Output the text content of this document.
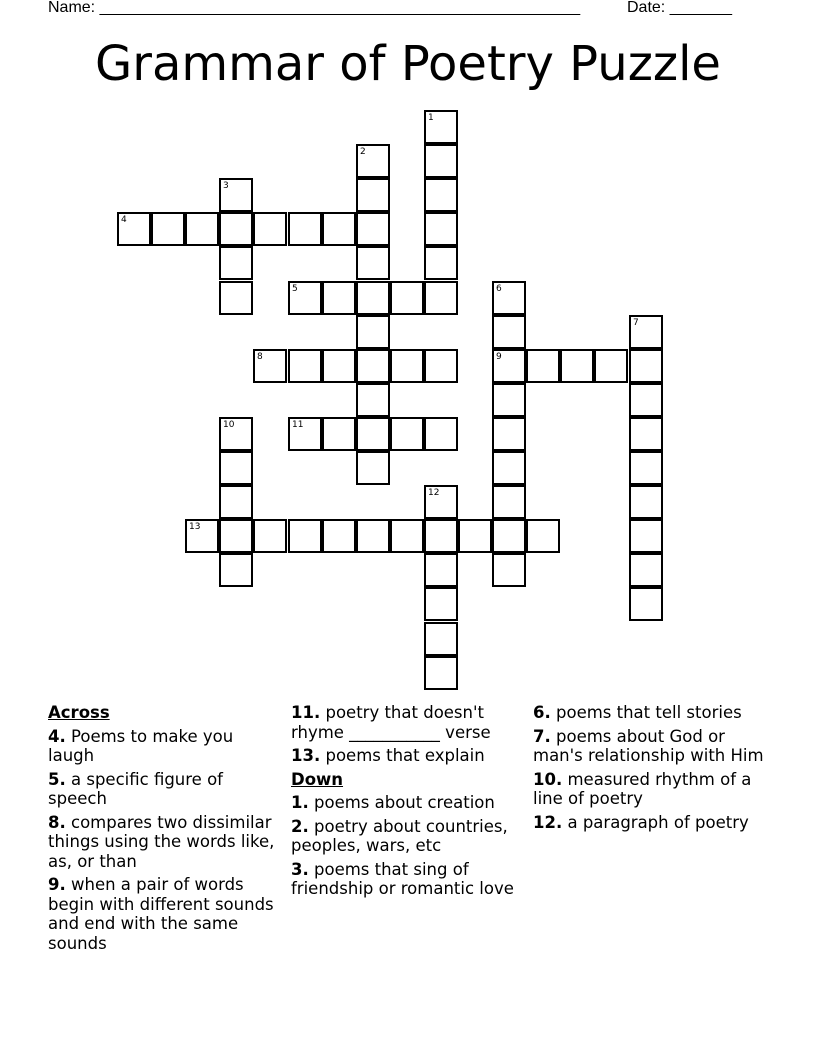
Name: ______________________________________________________	Date: _______
Grammar of Poetry Puzzle
1
2
3
4
5	6
9
7
8
10	11
12
13
Across
4. Poems to make you laugh
5. a specific figure of speech
8. compares two dissimilar things using the words like, as, or than
9. when a pair of words begin with different sounds and end with the same sounds
11. poetry that doesn't rhyme ___________ verse
13. poems that explain
Down
1. poems about creation
2. poetry about countries, peoples, wars, etc
3. poems that sing of friendship or romantic love
6. poems that tell stories
7. poems about God or man's relationship with Him
10. measured rhythm of a line of poetry
12. a paragraph of poetry
